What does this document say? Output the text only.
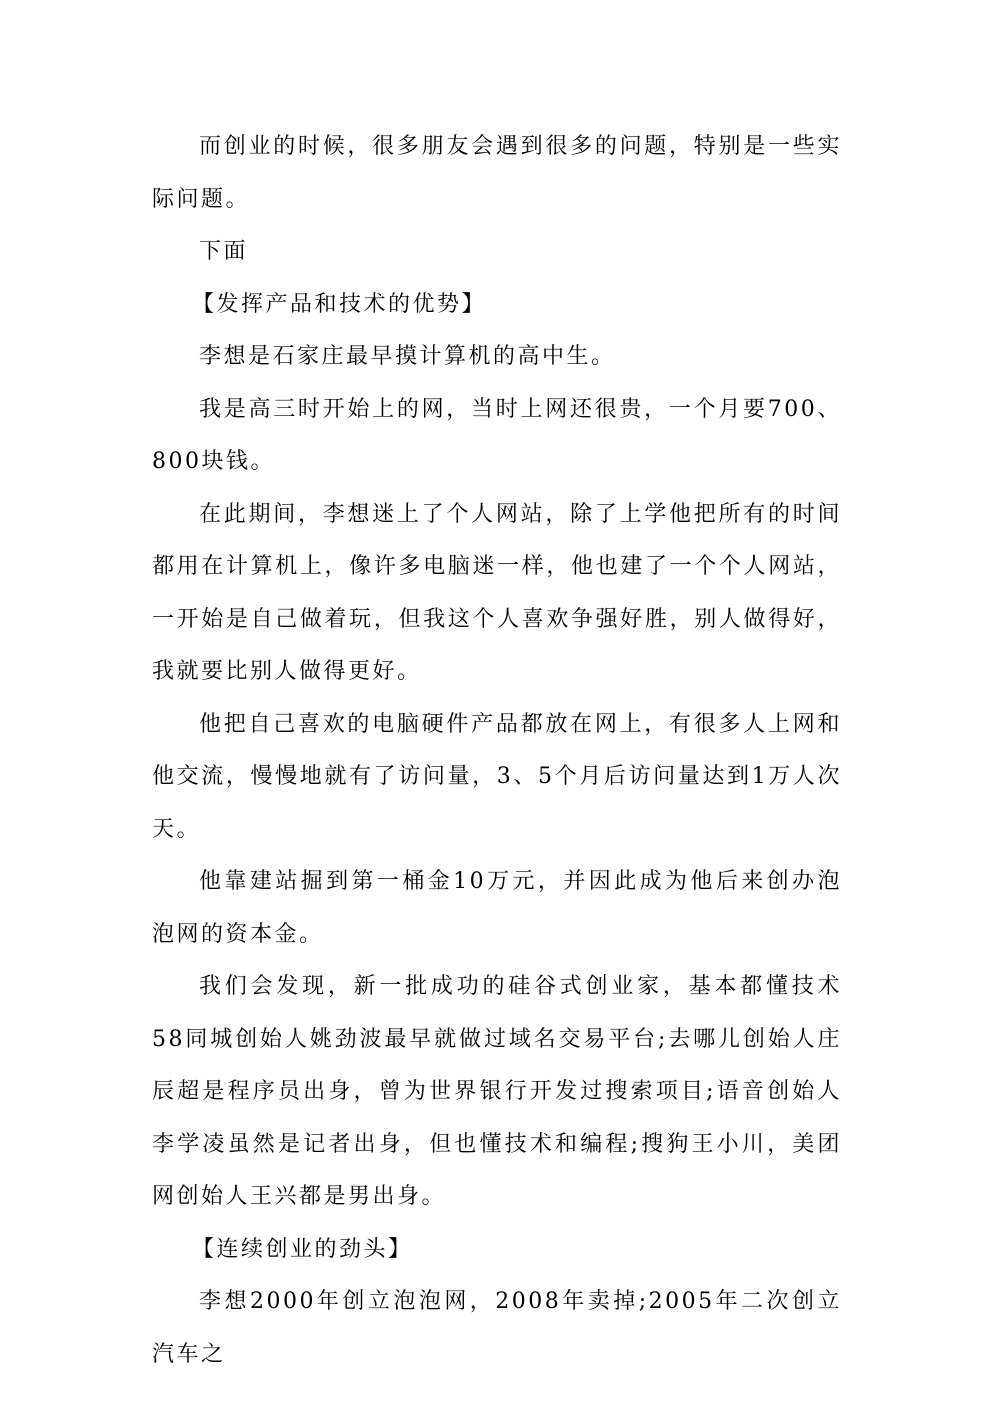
而创业的时候，很多朋友会遇到很多的问题，特别是一些实际问题。

下面

【发挥产品和技术的优势】

李想是石家庄最早摸计算机的高中生。

我是高三时开始上的网，当时上网还很贵，一个月要700、800块钱。

在此期间，李想迷上了个人网站，除了上学他把所有的时间都用在计算机上，像许多电脑迷一样，他也建了一个个人网站，一开始是自己做着玩，但我这个人喜欢争强好胜，别人做得好，我就要比别人做得更好。

他把自己喜欢的电脑硬件产品都放在网上，有很多人上网和他交流，慢慢地就有了访问量，3、5个月后访问量达到1万人次天。

他靠建站掘到第一桶金10万元，并因此成为他后来创办泡泡网的资本金。

我们会发现，新一批成功的硅谷式创业家，基本都懂技术58同城创始人姚劲波最早就做过域名交易平台;去哪儿创始人庄辰超是程序员出身，曾为世界银行开发过搜索项目;语音创始人李学凌虽然是记者出身，但也懂技术和编程;搜狗王小川，美团网创始人王兴都是男出身。

【连续创业的劲头】

李想2000年创立泡泡网，2008年卖掉;2005年二次创立汽车之
